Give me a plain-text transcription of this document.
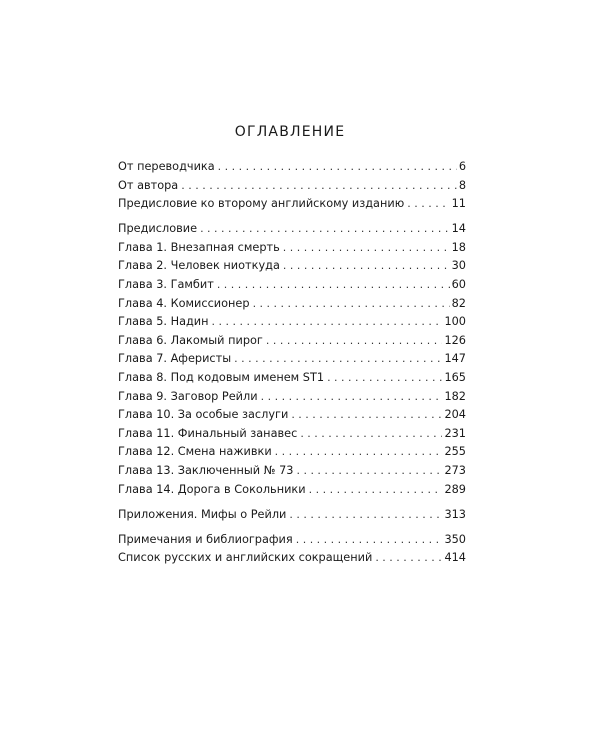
ОГЛАВЛЕНИЕ
От переводчика . . .	6
От автора . . .	8
Предисловие ко второму английскому изданию . . .	11
Предисловие . . .	14
Глава 1. Внезапная смерть . . .	18
Глава 2. Человек ниоткуда . . .	30
Глава 3. Гамбит . . .	60
Глава 4. Комиссионер . . .	82
Глава 5. Надин . . .	100
Глава 6. Лакомый пирог . . .	126
Глава 7. Аферисты . . .	147
Глава 8. Под кодовым именем ST1 . . .	165
Глава 9. Заговор Рейли . . .	182
Глава 10. За особые заслуги . . .	204
Глава 11. Финальный занавес . . .	231
Глава 12. Смена наживки . . .	255
Глава 13. Заключенный № 73 . . .	273
Глава 14. Дорога в Сокольники . . .	289
Приложения. Мифы о Рейли . . .	313
Примечания и библиография . . .	350
Список русских и английских сокращений . . .	414
